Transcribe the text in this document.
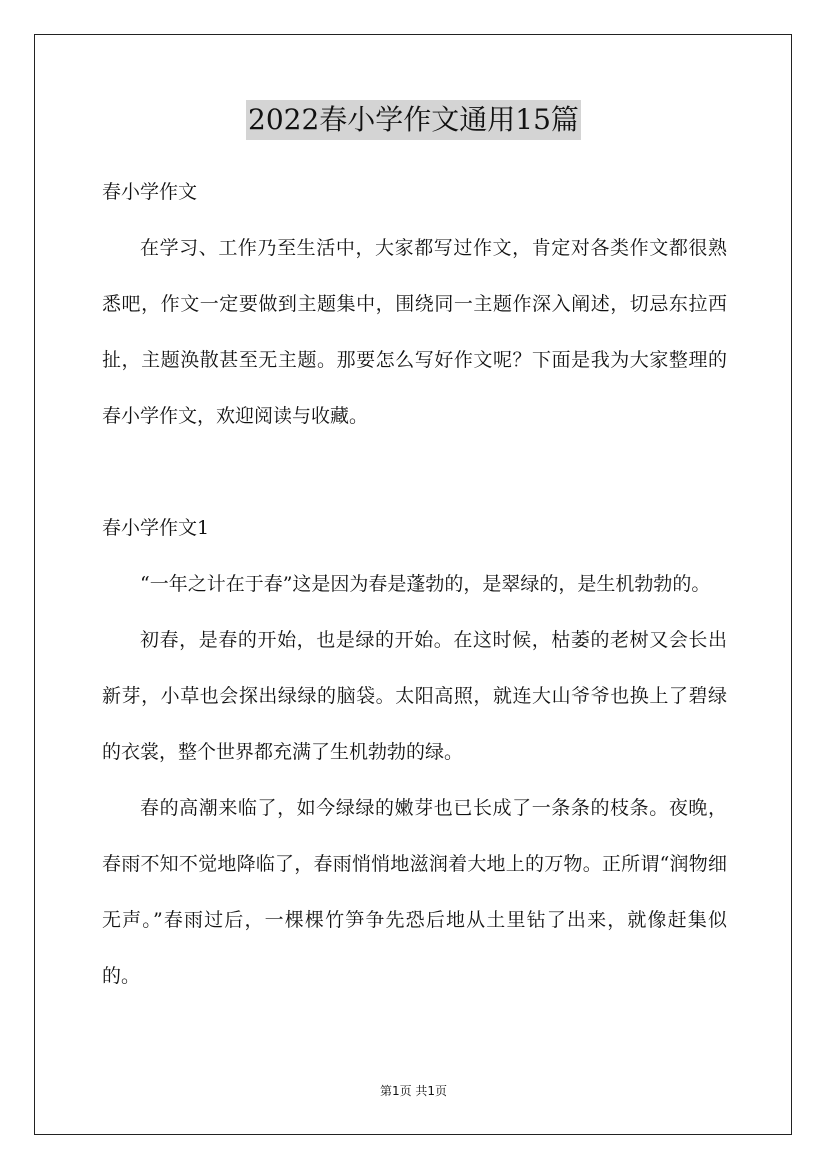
2022春小学作文通用15篇

春小学作文

在学习、工作乃至生活中，大家都写过作文，肯定对各类作文都很熟悉吧，作文一定要做到主题集中，围绕同一主题作深入阐述，切忌东拉西扯，主题涣散甚至无主题。那要怎么写好作文呢？下面是我为大家整理的春小学作文，欢迎阅读与收藏。

春小学作文1

“一年之计在于春”这是因为春是蓬勃的，是翠绿的，是生机勃勃的。

初春，是春的开始，也是绿的开始。在这时候，枯萎的老树又会长出新芽，小草也会探出绿绿的脑袋。太阳高照，就连大山爷爷也换上了碧绿的衣裳，整个世界都充满了生机勃勃的绿。

春的高潮来临了，如今绿绿的嫩芽也已长成了一条条的枝条。夜晚，春雨不知不觉地降临了，春雨悄悄地滋润着大地上的万物。正所谓“润物细无声。”春雨过后，一棵棵竹笋争先恐后地从土里钻了出来，就像赶集似的。

第1页 共1页
